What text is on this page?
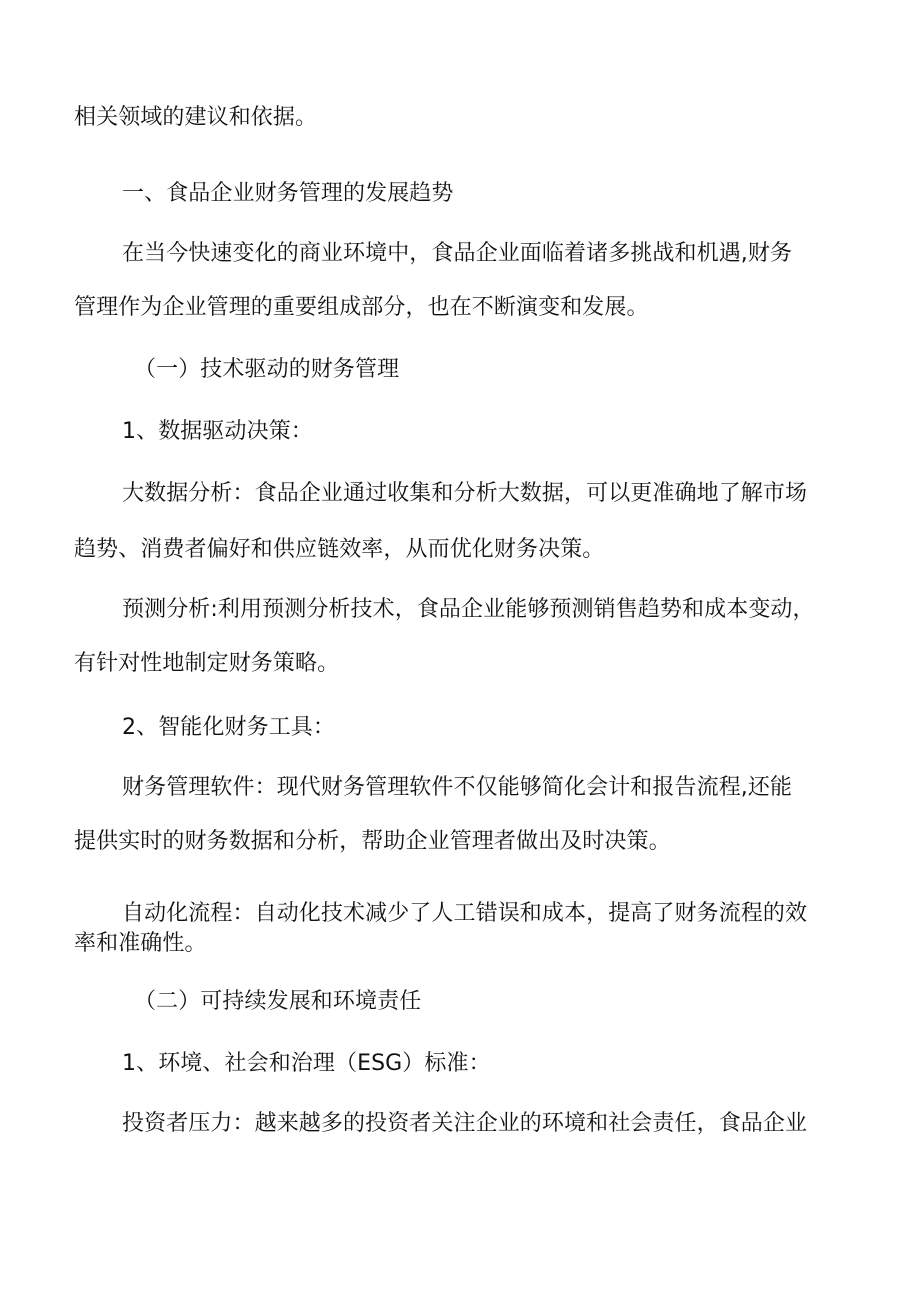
相关领域的建议和依据。
一、食品企业财务管理的发展趋势
在当今快速变化的商业环境中，食品企业面临着诸多挑战和机遇,财务
管理作为企业管理的重要组成部分，也在不断演变和发展。
（一）技术驱动的财务管理
1、数据驱动决策：
大数据分析：食品企业通过收集和分析大数据，可以更准确地了解市场
趋势、消费者偏好和供应链效率，从而优化财务决策。
预测分析:利用预测分析技术，食品企业能够预测销售趋势和成本变动，
有针对性地制定财务策略。
2、智能化财务工具：
财务管理软件：现代财务管理软件不仅能够简化会计和报告流程,还能
提供实时的财务数据和分析，帮助企业管理者做出及时决策。
自动化流程：自动化技术减少了人工错误和成本，提高了财务流程的效
率和准确性。
（二）可持续发展和环境责任
1、环境、社会和治理（ESG）标准：
投资者压力：越来越多的投资者关注企业的环境和社会责任，食品企业
